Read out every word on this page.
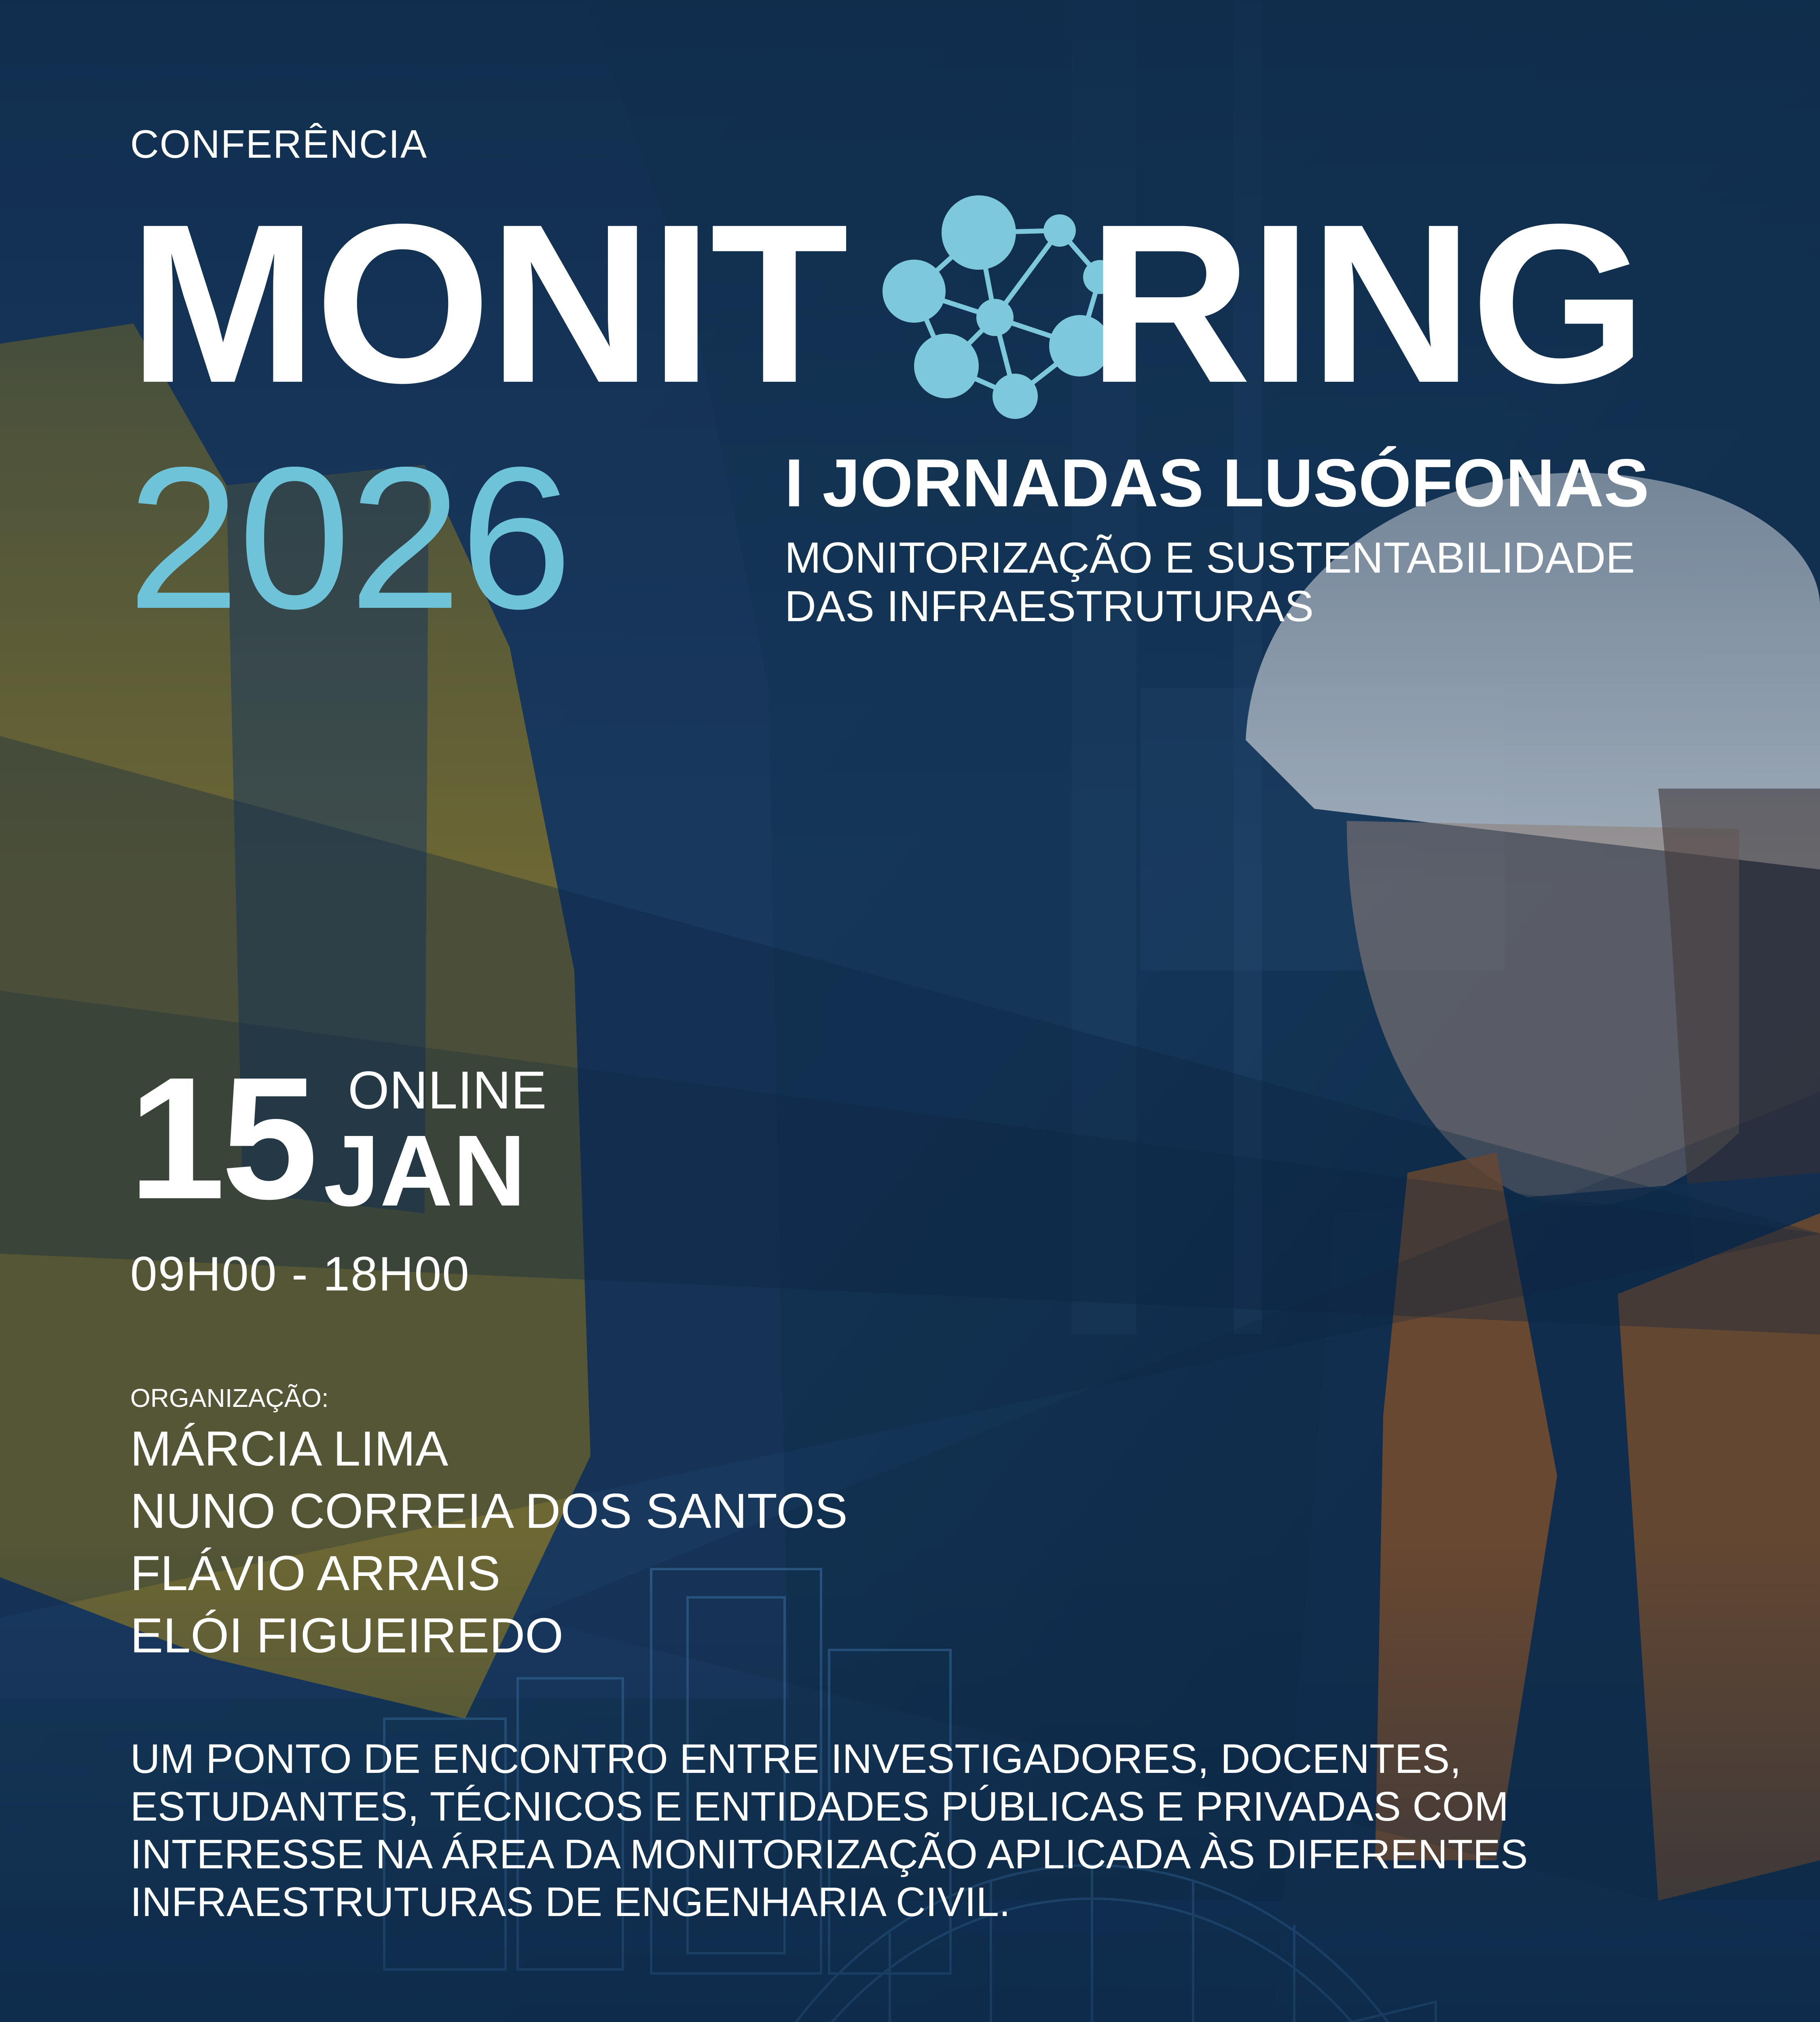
CONFERÊNCIA
MONIT RING
2026	I JORNADAS LUSÓFONAS
MONITORIZAÇÃO E SUSTENTABILIDADE
DAS INFRAESTRUTURAS
15 ONLINE
JAN
09H00 - 18H00
ORGANIZAÇÃO:
MÁRCIA LIMA
NUNO CORREIA DOS SANTOS
FLÁVIO ARRAIS
ELÓI FIGUEIREDO
UM PONTO DE ENCONTRO ENTRE INVESTIGADORES, DOCENTES, ESTUDANTES, TÉCNICOS E ENTIDADES PÚBLICAS E PRIVADAS COM INTERESSE NA ÁREA DA MONITORIZAÇÃO APLICADA ÀS DIFERENTES INFRAESTRUTURAS DE ENGENHARIA CIVIL.
